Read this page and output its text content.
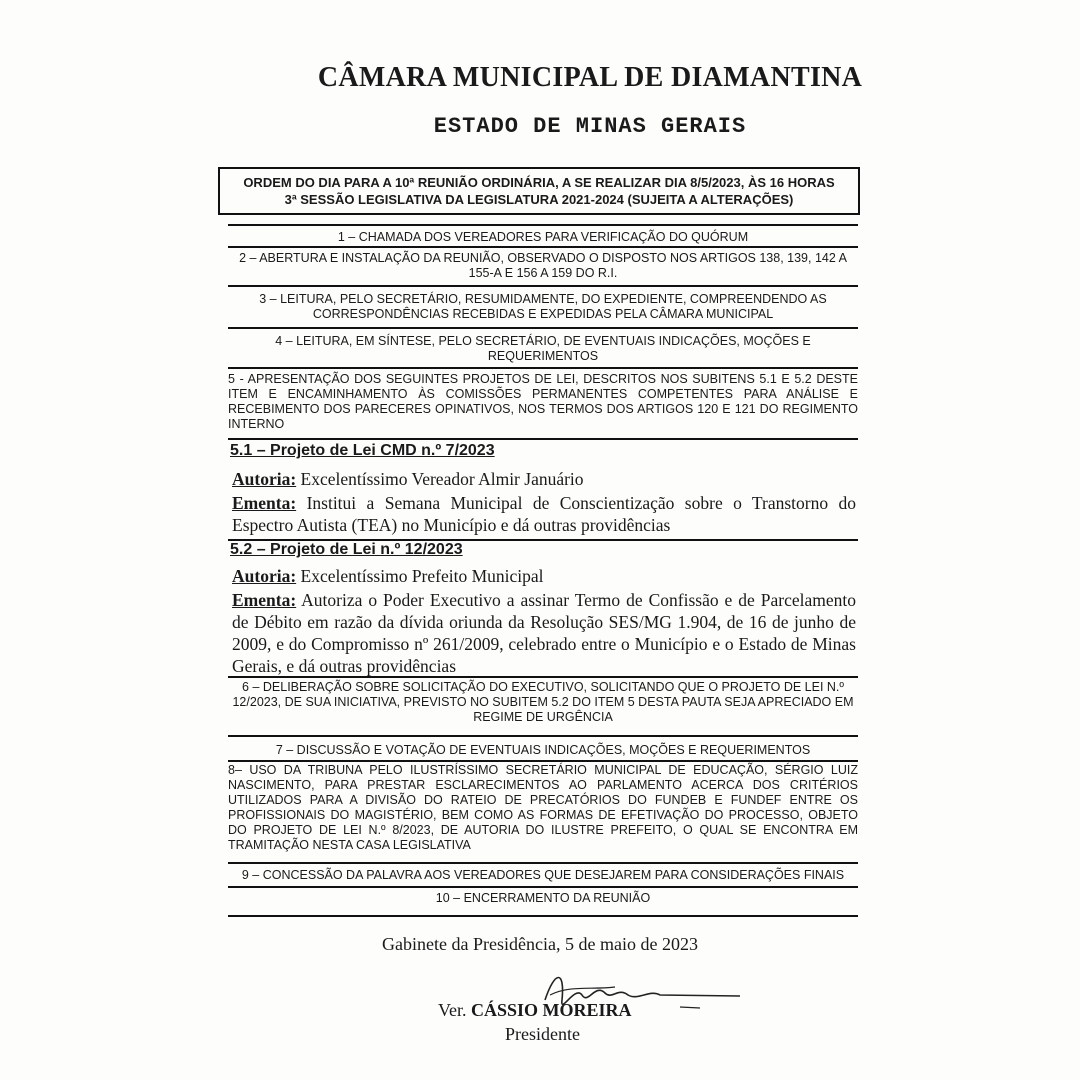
CÂMARA MUNICIPAL DE DIAMANTINA
ESTADO DE MINAS GERAIS
ORDEM DO DIA PARA A 10ª REUNIÃO ORDINÁRIA, A SE REALIZAR DIA 8/5/2023, ÀS 16 HORAS
3ª SESSÃO LEGISLATIVA DA LEGISLATURA 2021-2024 (SUJEITA A ALTERAÇÕES)
1 – CHAMADA DOS VEREADORES PARA VERIFICAÇÃO DO QUÓRUM
2 – ABERTURA E INSTALAÇÃO DA REUNIÃO, OBSERVADO O DISPOSTO NOS ARTIGOS 138, 139, 142 A 155-A E 156 A 159 DO R.I.
3 – LEITURA, PELO SECRETÁRIO, RESUMIDAMENTE, DO EXPEDIENTE, COMPREENDENDO AS CORRESPONDÊNCIAS RECEBIDAS E EXPEDIDAS PELA CÂMARA MUNICIPAL
4 – LEITURA, EM SÍNTESE, PELO SECRETÁRIO, DE EVENTUAIS INDICAÇÕES, MOÇÕES E REQUERIMENTOS
5 - APRESENTAÇÃO DOS SEGUINTES PROJETOS DE LEI, DESCRITOS NOS SUBITENS 5.1 E 5.2 DESTE ITEM E ENCAMINHAMENTO ÀS COMISSÕES PERMANENTES COMPETENTES PARA ANÁLISE E RECEBIMENTO DOS PARECERES OPINATIVOS, NOS TERMOS DOS ARTIGOS 120 E 121 DO REGIMENTO INTERNO
5.1 – Projeto de Lei CMD n.º 7/2023
Autoria: Excelentíssimo Vereador Almir Januário
Ementa: Institui a Semana Municipal de Conscientização sobre o Transtorno do Espectro Autista (TEA) no Município e dá outras providências
5.2 – Projeto de Lei n.º 12/2023
Autoria: Excelentíssimo Prefeito Municipal
Ementa: Autoriza o Poder Executivo a assinar Termo de Confissão e de Parcelamento de Débito em razão da dívida oriunda da Resolução SES/MG 1.904, de 16 de junho de 2009, e do Compromisso nº 261/2009, celebrado entre o Município e o Estado de Minas Gerais, e dá outras providências
6 – DELIBERAÇÃO SOBRE SOLICITAÇÃO DO EXECUTIVO, SOLICITANDO QUE O PROJETO DE LEI N.º 12/2023, DE SUA INICIATIVA, PREVISTO NO SUBITEM 5.2 DO ITEM 5 DESTA PAUTA SEJA APRECIADO EM REGIME DE URGÊNCIA
7 – DISCUSSÃO E VOTAÇÃO DE EVENTUAIS INDICAÇÕES, MOÇÕES E REQUERIMENTOS
8– USO DA TRIBUNA PELO ILUSTRÍSSIMO SECRETÁRIO MUNICIPAL DE EDUCAÇÃO, SÉRGIO LUIZ NASCIMENTO, PARA PRESTAR ESCLARECIMENTOS AO PARLAMENTO ACERCA DOS CRITÉRIOS UTILIZADOS PARA A DIVISÃO DO RATEIO DE PRECATÓRIOS DO FUNDEB E FUNDEF ENTRE OS PROFISSIONAIS DO MAGISTÉRIO, BEM COMO AS FORMAS DE EFETIVAÇÃO DO PROCESSO, OBJETO DO PROJETO DE LEI N.º 8/2023, DE AUTORIA DO ILUSTRE PREFEITO, O QUAL SE ENCONTRA EM TRAMITAÇÃO NESTA CASA LEGISLATIVA
9 – CONCESSÃO DA PALAVRA AOS VEREADORES QUE DESEJAREM PARA CONSIDERAÇÕES FINAIS
10 – ENCERRAMENTO DA REUNIÃO
Gabinete da Presidência, 5 de maio de 2023
Ver. CÁSSIO MOREIRA
Presidente
